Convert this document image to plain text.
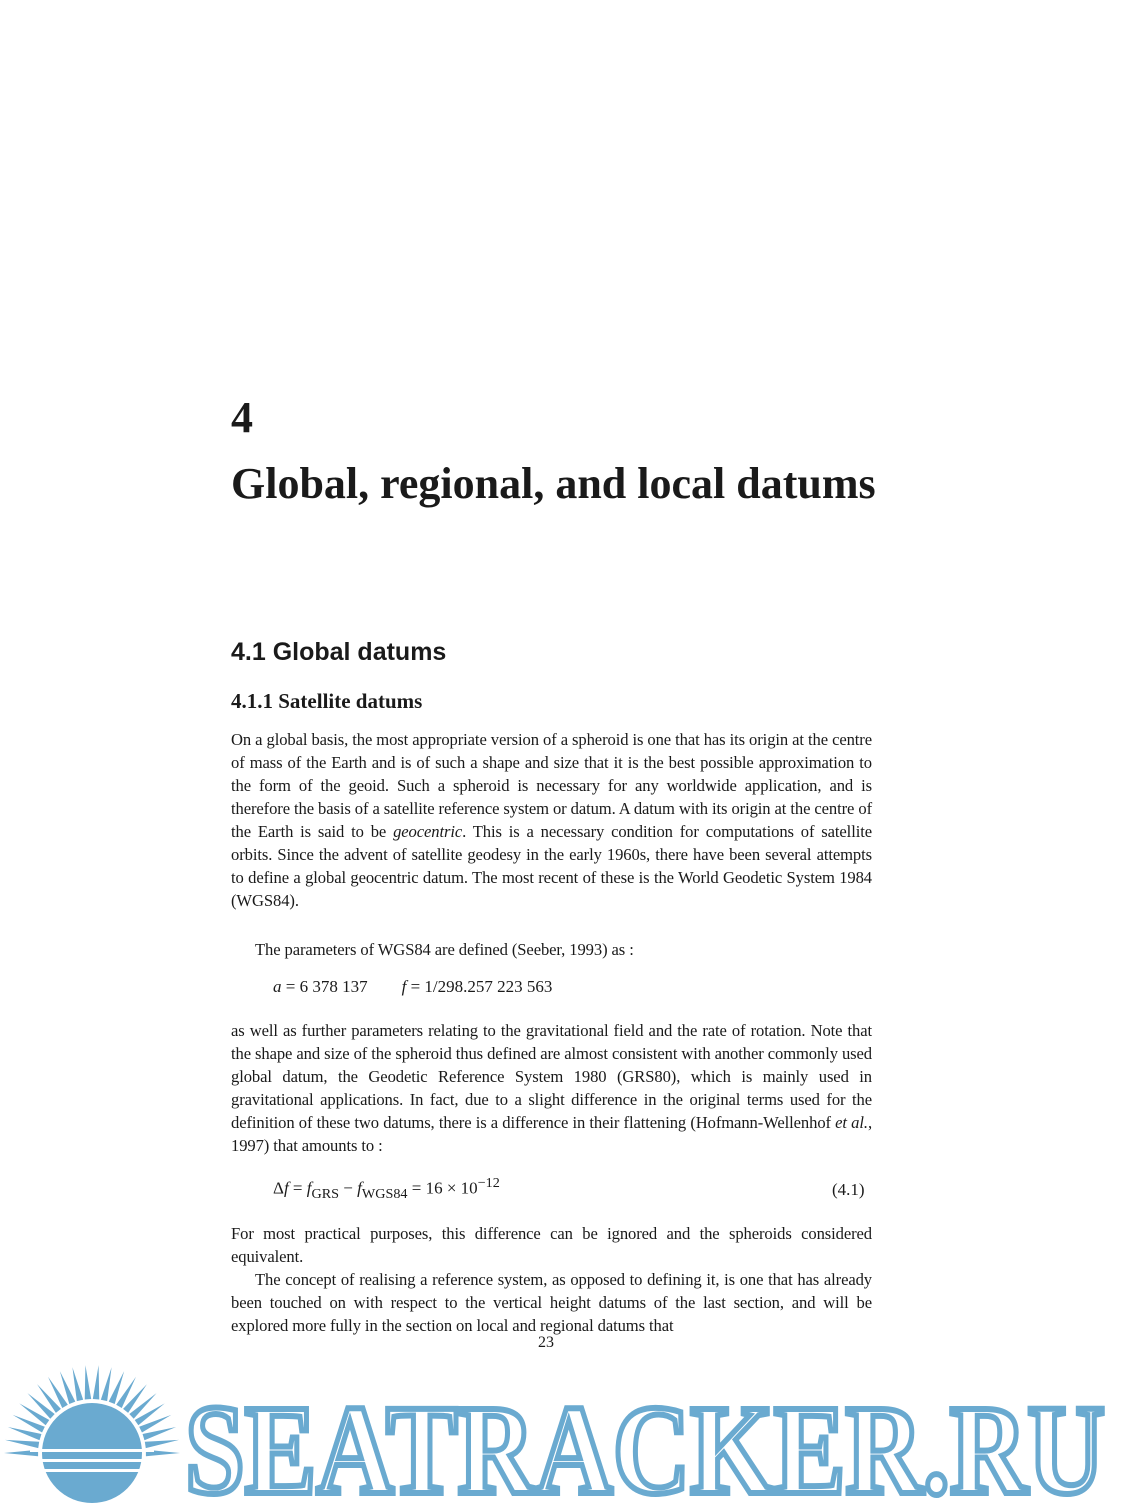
4
Global, regional, and local datums
4.1 Global datums
4.1.1 Satellite datums

On a global basis, the most appropriate version of a spheroid is one that has its origin at the centre of mass of the Earth and is of such a shape and size that it is the best possible approximation to the form of the geoid. Such a spheroid is necessary for any worldwide application, and is therefore the basis of a satellite reference system or datum. A datum with its origin at the centre of the Earth is said to be geocentric. This is a necessary condition for computations of satellite orbits. Since the advent of satellite geodesy in the early 1960s, there have been several attempts to define a global geocentric datum. The most recent of these is the World Geodetic System 1984 (WGS84).

The parameters of WGS84 are defined (Seeber, 1993) as :

a = 6 378 137 f = 1/298.257 223 563

as well as further parameters relating to the gravitational field and the rate of rotation. Note that the shape and size of the spheroid thus defined are almost consistent with another commonly used global datum, the Geodetic Reference System 1980 (GRS80), which is mainly used in gravitational applications. In fact, due to a slight difference in the original terms used for the definition of these two datums, there is a difference in their flattening (Hofmann-Wellenhof et al., 1997) that amounts to :

$\Delta f = f_{GRS} - f_{WGS84} = 16 \times 10^{-12}$	(4.1)

For most practical purposes, this difference can be ignored and the spheroids considered equivalent.

The concept of realising a reference system, as opposed to defining it, is one that has already been touched on with respect to the vertical height datums of the last section, and will be explored more fully in the section on local and regional datums that

23
SEATRACKER.RU
